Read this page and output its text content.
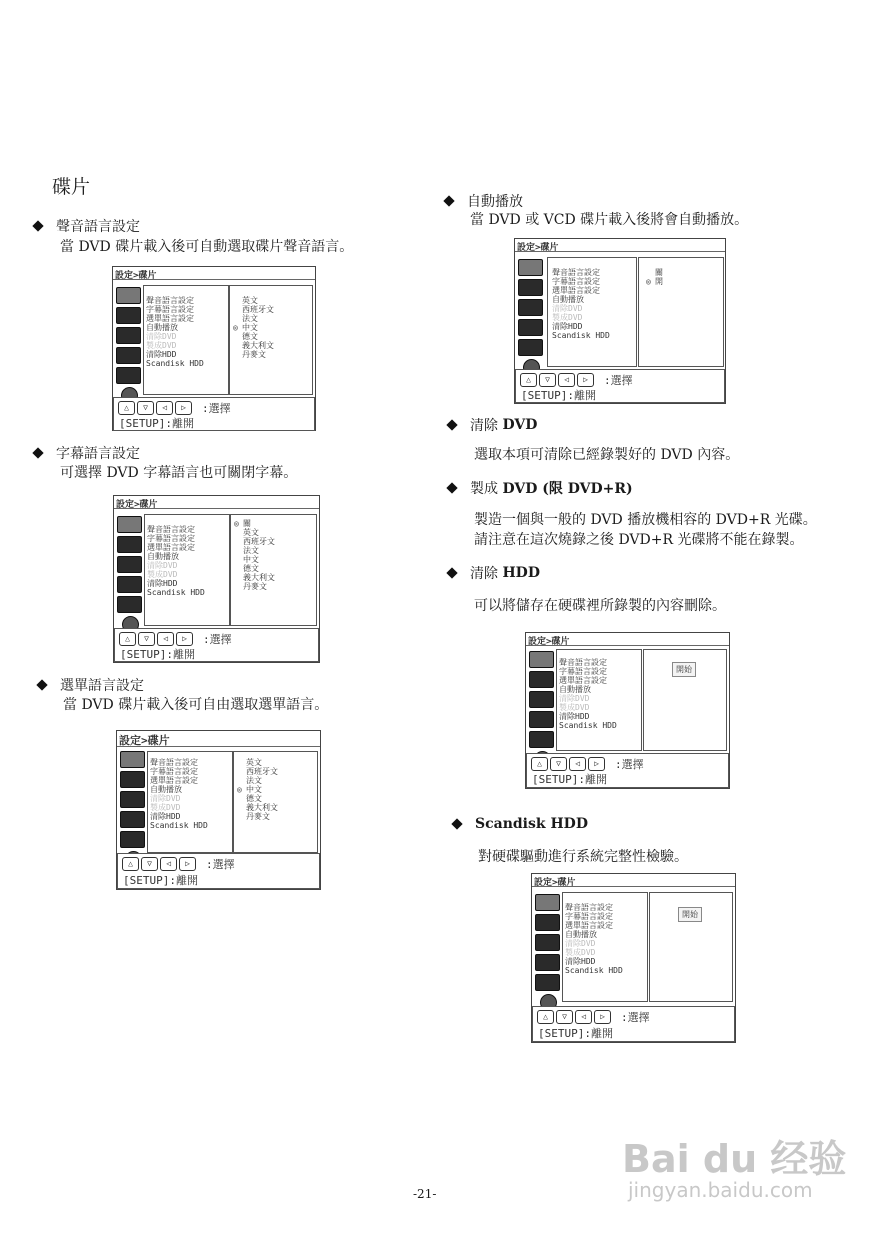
碟片
聲音語言設定
當 DVD 碟片載入後可自動選取碟片聲音語言。
設定>碟片
聲音語言設定
字幕語言設定
選單語言設定
自動播放
清除DVD
製成DVD
清除HDD
Scandisk HDD
英文
西班牙文
法文
◎ 中文
德文
義大利文
丹麥文
△	▽	◁	▷	:選擇
[SETUP]:離開
字幕語言設定
可選擇 DVD 字幕語言也可關閉字幕。
設定>碟片
聲音語言設定
字幕語言設定
選單語言設定
自動播放
清除DVD
製成DVD
清除HDD
Scandisk HDD
◎ 關
英文
西班牙文
法文
中文
德文
義大利文
丹麥文
△	▽	◁	▷	:選擇
[SETUP]:離開
選單語言設定
當 DVD 碟片載入後可自由選取選單語言。
設定>碟片
聲音語言設定
字幕語言設定
選單語言設定
自動播放
清除DVD
製成DVD
清除HDD
Scandisk HDD
英文
西班牙文
法文
◎ 中文
德文
義大利文
丹麥文
△	▽	◁	▷	:選擇
[SETUP]:離開
自動播放
當 DVD 或 VCD 碟片載入後將會自動播放。
設定>碟片
聲音語言設定
字幕語言設定
選單語言設定
自動播放
清除DVD
製成DVD
清除HDD
Scandisk HDD
關
◎ 開
△	▽	◁	▷	:選擇
[SETUP]:離開
清除 DVD
選取本項可清除已經錄製好的 DVD 內容。
製成 DVD (限 DVD+R)
製造一個與一般的 DVD 播放機相容的 DVD+R 光碟。
請注意在這次燒錄之後 DVD+R 光碟將不能在錄製。
清除 HDD
可以將儲存在硬碟裡所錄製的內容刪除。
設定>碟片
聲音語言設定
字幕語言設定
選單語言設定
自動播放
清除DVD
製成DVD
清除HDD
Scandisk HDD
開始
△	▽	◁	▷	:選擇
[SETUP]:離開
Scandisk HDD
對硬碟驅動進行系統完整性檢驗。
設定>碟片
聲音語言設定
字幕語言設定
選單語言設定
自動播放
清除DVD
製成DVD
清除HDD
Scandisk HDD
開始
△	▽	◁	▷	:選擇
[SETUP]:離開
-21-
Bai du 经验
jingyan.baidu.com
